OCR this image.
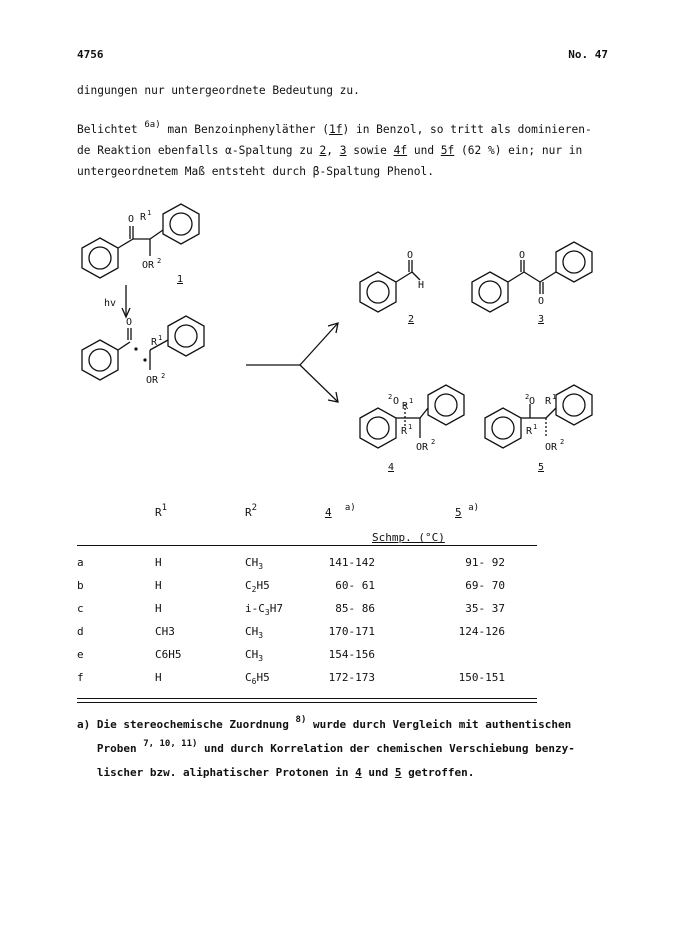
4756	No. 47
dingungen nur untergeordnete Bedeutung zu.
Belichtet $^{6a)}$ man Benzoinphenyläther (1f) in Benzol, so tritt als dominieren-
de Reaktion ebenfalls α-Spaltung zu 2, 3 sowie 4f und 5f (62 %) ein; nur in
untergeordnetem Maß entsteht durch β-Spaltung Phenol.
O R 1
OR 2
1
hv
O
R 1
OR 2
O
H
2
O
O
3
2 O R 1
R 1
OR 2
4
2 O R 1
R 1
OR 2
5
$R^1$	$R^2$	4 $^{a)}$	5 $^{a)}$
Schmp. (°C)
a	H	$CH_3$	141-142	91- 92
b	H	$C_2H5$	60- 61	69- 70
c	H	$i-C_3H7$	85- 86	35- 37
d	CH3	$CH_3$	170-171	124-126
e	C6H5	$CH_3$	154-156
f	H	$C_6H5$	172-173	150-151
a) Die stereochemische Zuordnung $^{8)}$ wurde durch Vergleich mit authentischen
Proben $^{7, 10, 11)}$ und durch Korrelation der chemischen Verschiebung benzy-
lischer bzw. aliphatischer Protonen in 4 und 5 getroffen.
